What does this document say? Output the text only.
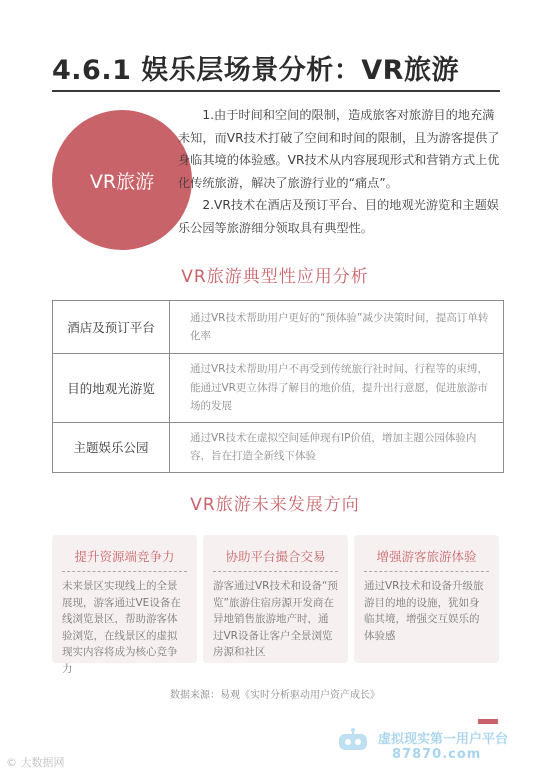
4.6.1 娱乐层场景分析：VR旅游
VR旅游

1.由于时间和空间的限制，造成旅客对旅游目的地充满未知，而VR技术打破了空间和时间的限制，且为游客提供了身临其境的体验感。VR技术从内容展现形式和营销方式上优化传统旅游，解决了旅游行业的“痛点”。

2.VR技术在酒店及预订平台、目的地观光游览和主题娱乐公园等旅游细分领取具有典型性。

VR旅游典型性应用分析
酒店及预订平台	通过VR技术帮助用户更好的“预体验”减少决策时间，提高订单转化率
目的地观光游览	通过VR技术帮助用户不再受到传统旅行社时间、行程等的束缚，能通过VR更立体得了解目的地价值，提升出行意愿，促进旅游市场的发展
主题娱乐公园	通过VR技术在虚拟空间延伸现有IP价值，增加主题公园体验内容，旨在打造全新线下体验
VR旅游未来发展方向
提升资源端竞争力
未来景区实现线上的全景展现，游客通过VE设备在线浏览景区，帮助游客体验浏览，在线景区的虚拟现实内容将成为核心竞争力
协助平台撮合交易
游客通过VR技术和设备“预览”旅游住宿房源开发商在异地销售旅游地产时，通过VR设备让客户全景浏览房源和社区
增强游客旅游体验
通过VR技术和设备升级旅游目的地的设施，犹如身临其境，增强交互娱乐的体验感
数据来源：易观《实时分析驱动用户资产成长》
© 大数据网
虚拟现实第一用户平台
87870.com
